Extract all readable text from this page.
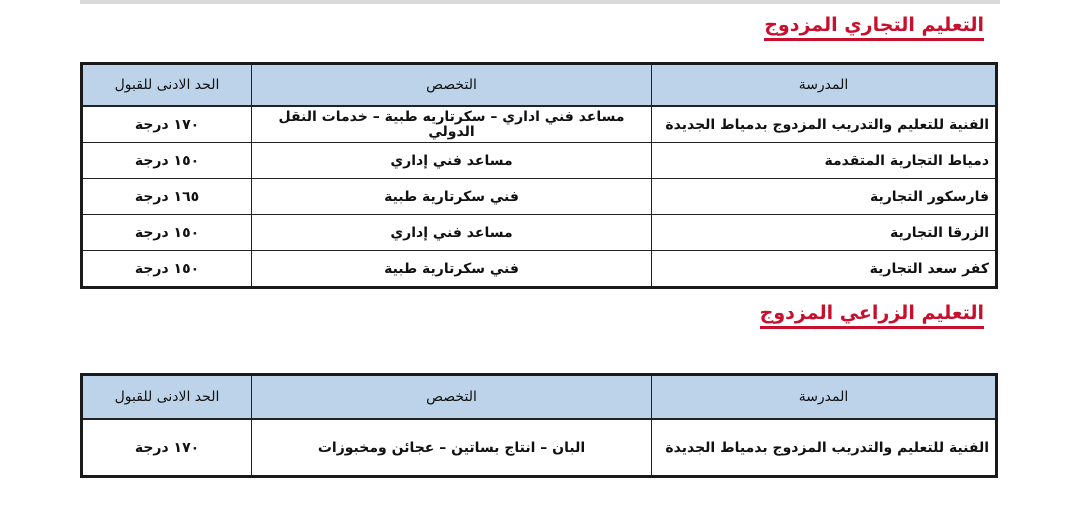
التعليم التجاري المزدوج
المدرسة	التخصص	الحد الادنى للقبول
الفنية للتعليم والتدريب المزدوج بدمياط الجديدة	مساعد فني اداري – سكرتاريه طبية – خدمات النقل الدولي	١٧٠ درجة
دمياط التجارية المتقدمة	مساعد فني إداري	١٥٠ درجة
فارسكور التجارية	فني سكرتارية طبية	١٦٥ درجة
الزرقا التجارية	مساعد فني إداري	١٥٠ درجة
كفر سعد التجارية	فني سكرتارية طبية	١٥٠ درجة
التعليم الزراعي المزدوج
المدرسة	التخصص	الحد الادنى للقبول
الفنية للتعليم والتدريب المزدوج بدمياط الجديدة	البان – انتاج بساتين – عجائن ومخبوزات	١٧٠ درجة
